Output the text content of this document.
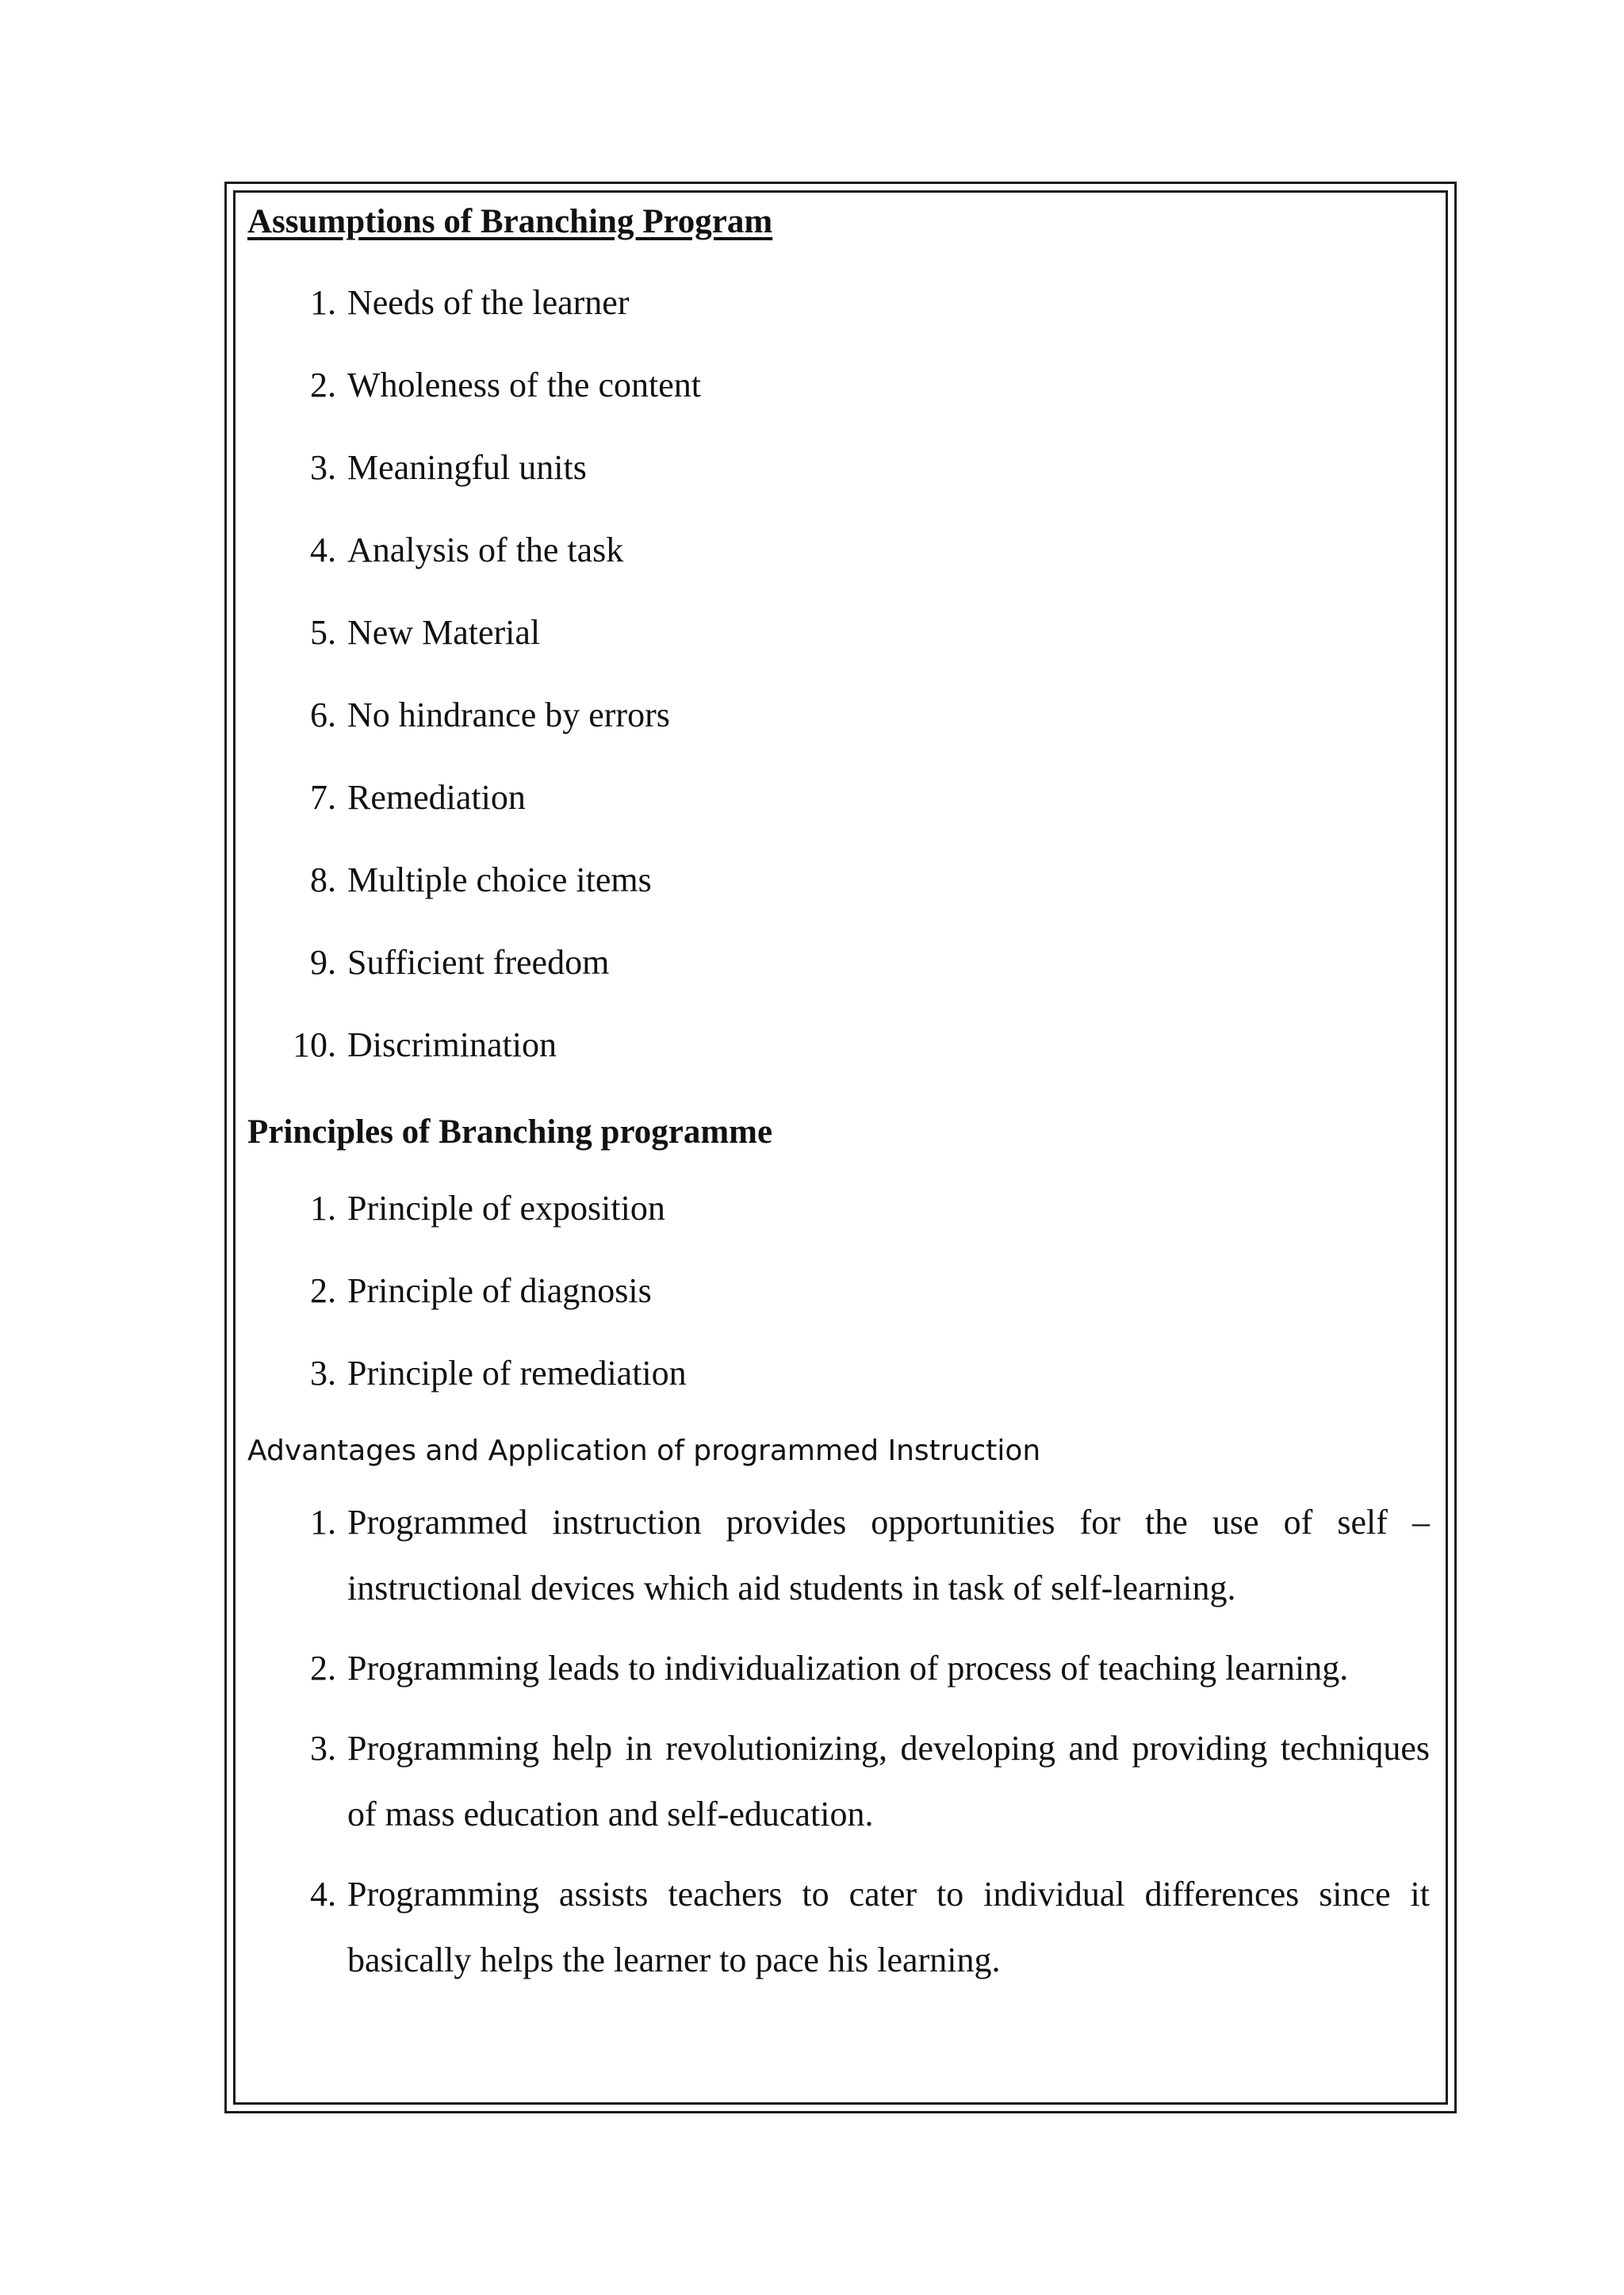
Assumptions of Branching Program
1. Needs of the learner
2. Wholeness of the content
3. Meaningful units
4. Analysis of the task
5. New Material
6. No hindrance by errors
7. Remediation
8. Multiple choice items
9. Sufficient freedom
10. Discrimination
Principles of Branching programme
1. Principle of exposition
2. Principle of diagnosis
3. Principle of remediation
Advantages and Application of programmed Instruction
1. Programmed instruction provides opportunities for the use of self – instructional devices which aid students in task of self-learning.
2. Programming leads to individualization of process of teaching learning.
3. Programming help in revolutionizing, developing and providing techniques of mass education and self-education.
4. Programming assists teachers to cater to individual differences since it basically helps the learner to pace his learning.
